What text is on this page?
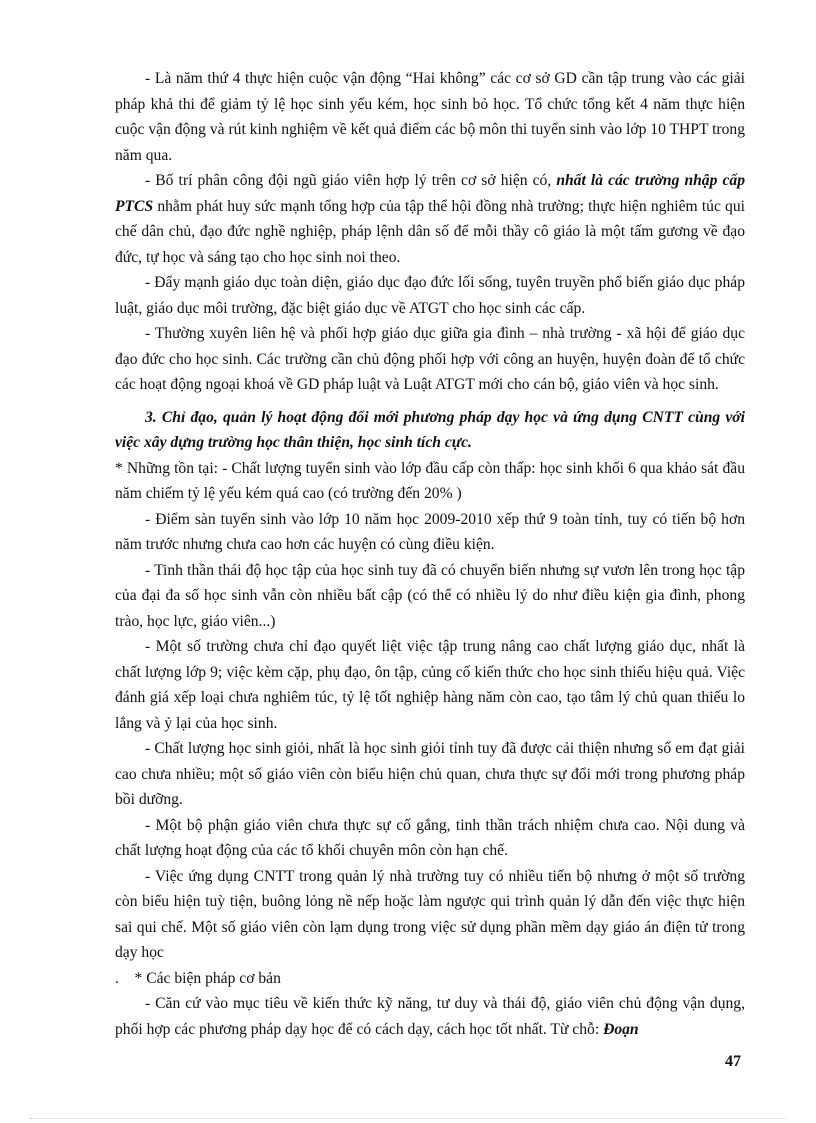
- Là năm thứ 4 thực hiện cuộc vận động “Hai không” các cơ sở GD cần tập trung vào các giải pháp khả thi để giảm tỷ lệ học sinh yếu kém, học sinh bỏ học. Tổ chức tổng kết 4 năm thực hiện cuộc vận động và rút kinh nghiệm về kết quả điểm các bộ môn thi tuyển sinh vào lớp 10 THPT trong năm qua.

- Bố trí phân công đội ngũ giáo viên hợp lý trên cơ sở hiện có, nhất là các trường nhập cấp PTCS nhằm phát huy sức mạnh tổng hợp của tập thể hội đồng nhà trường; thực hiện nghiêm túc qui chế dân chủ, đạo đức nghề nghiệp, pháp lệnh dân số để mỗi thầy cô giáo là một tấm gương về đạo đức, tự học và sáng tạo cho học sinh noi theo.

- Đẩy mạnh giáo dục toàn diện, giáo dục đạo đức lối sống, tuyên truyền phổ biến giáo dục pháp luật, giáo dục môi trường, đặc biệt giáo dục về ATGT cho học sinh các cấp.

- Thường xuyên liên hệ và phối hợp giáo dục giữa gia đình – nhà trường - xã hội để giáo dục đạo đức cho học sinh. Các trường cần chủ động phối hợp với công an huyện, huyện đoàn để tổ chức các hoạt động ngoại khoá về GD pháp luật và Luật ATGT mới cho cán bộ, giáo viên và học sinh.

3. Chỉ đạo, quản lý hoạt động đổi mới phương pháp dạy học và ứng dụng CNTT cùng với việc xây dựng trường học thân thiện, học sinh tích cực.

* Những tồn tại: - Chất lượng tuyển sinh vào lớp đầu cấp còn thấp: học sinh khối 6 qua khảo sát đầu năm chiếm tỷ lệ yếu kém quá cao (có trường đến 20% )

- Điểm sàn tuyển sinh vào lớp 10 năm học 2009-2010 xếp thứ 9 toàn tỉnh, tuy có tiến bộ hơn năm trước nhưng chưa cao hơn các huyện có cùng điều kiện.

- Tinh thần thái độ học tập của học sinh tuy đã có chuyển biến nhưng sự vươn lên trong học tập của đại đa số học sinh vẫn còn nhiều bất cập (có thể có nhiều lý do như điều kiện gia đình, phong trào, học lực, giáo viên...)

- Một số trường chưa chỉ đạo quyết liệt việc tập trung nâng cao chất lượng giáo dục, nhất là chất lượng lớp 9; việc kèm cặp, phụ đạo, ôn tập, củng cố kiến thức cho học sinh thiếu hiệu quả. Việc đánh giá xếp loại chưa nghiêm túc, tỷ lệ tốt nghiệp hàng năm còn cao, tạo tâm lý chủ quan thiếu lo lắng và ỷ lại của học sinh.

- Chất lượng học sinh giỏi, nhất là học sinh giỏi tỉnh tuy đã được cải thiện nhưng số em đạt giải cao chưa nhiều; một số giáo viên còn biểu hiện chủ quan, chưa thực sự đổi mới trong phương pháp bồi dưỡng.

- Một bộ phận giáo viên chưa thực sự cố gắng, tinh thần trách nhiệm chưa cao. Nội dung và chất lượng hoạt động của các tổ khối chuyên môn còn hạn chế.

- Việc ứng dụng CNTT trong quản lý nhà trường tuy có nhiều tiến bộ nhưng ở một số trường còn biểu hiện tuỳ tiện, buông lỏng nề nếp hoặc làm ngược qui trình quản lý dẫn đến việc thực hiện sai qui chế. Một số giáo viên còn lạm dụng trong việc sử dụng phần mềm dạy giáo án điện tử trong dạy học

.    * Các biện pháp cơ bản

- Căn cứ vào mục tiêu về kiến thức kỹ năng, tư duy và thái độ, giáo viên chủ động vận dụng, phối hợp các phương pháp dạy học để có cách dạy, cách học tốt nhất. Từ chỗ: Đoạn

47
